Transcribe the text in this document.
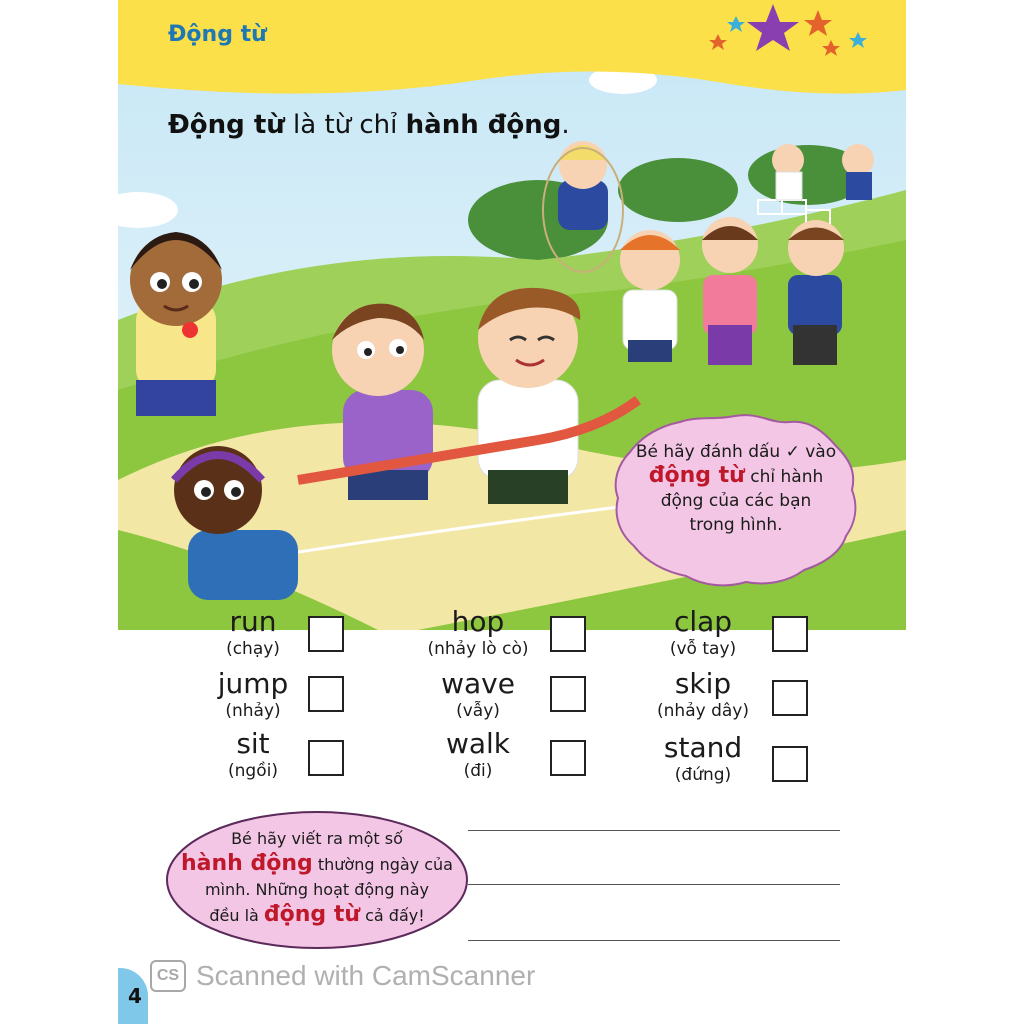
Động từ
Động từ là từ chỉ hành động.
Bé hãy đánh dấu ✓ vào
động từ chỉ hành
động của các bạn
trong hình.
run
(chạy)
hop
(nhảy lò cò)
clap
(vỗ tay)
jump
(nhảy)
wave
(vẫy)
skip
(nhảy dây)
sit
(ngồi)
walk
(đi)
stand
(đứng)
Bé hãy viết ra một số
hành động thường ngày của
mình. Những hoạt động này
đều là động từ cả đấy!
4
CS Scanned with CamScanner
